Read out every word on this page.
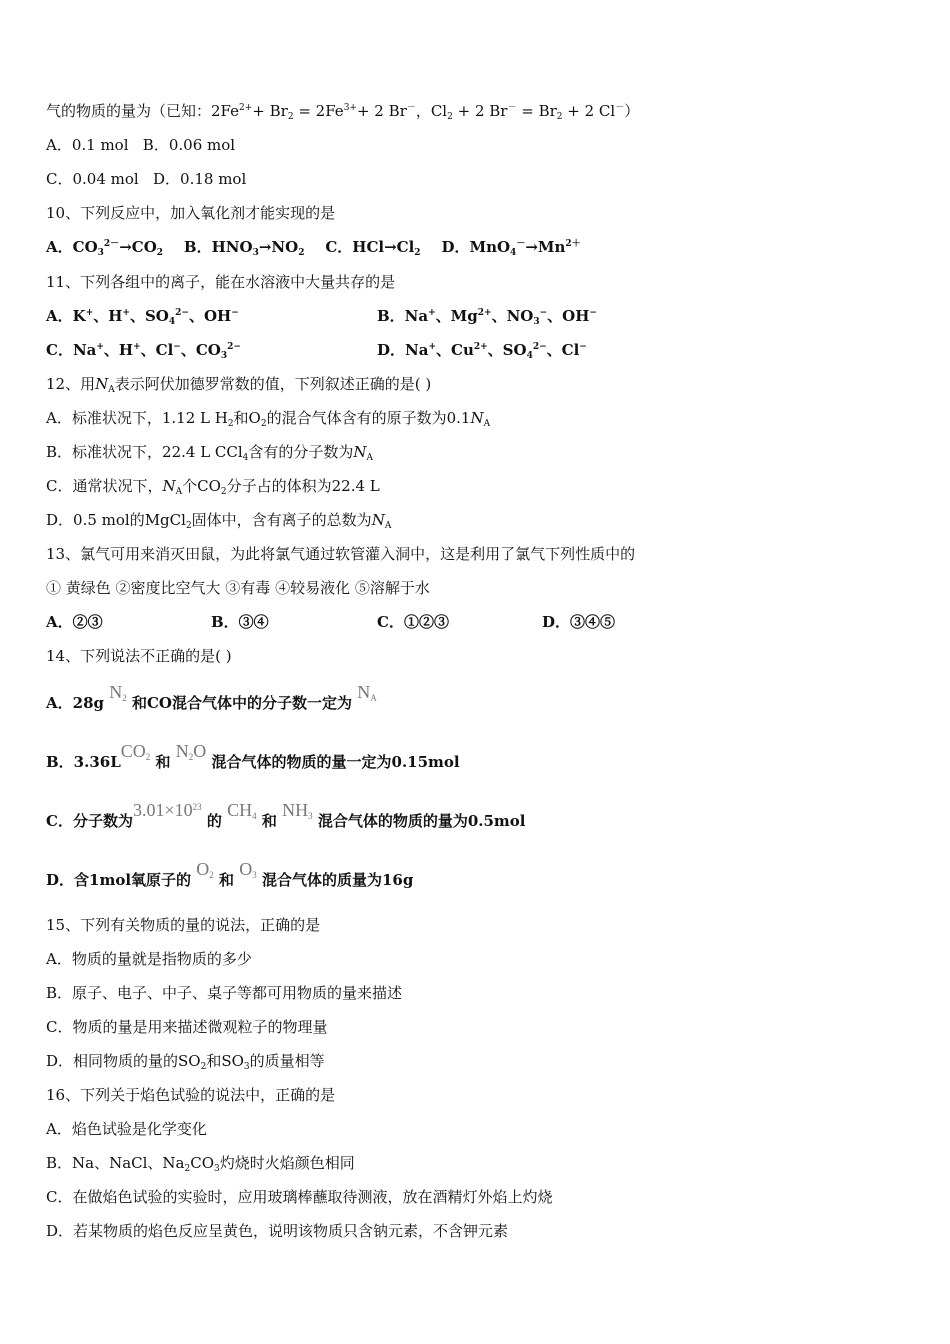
气的物质的量为（已知：$2Fe^{2+}+ Br_2 = 2Fe^{3+}+ 2$ Br－，$Cl_2 + 2$ $Br^- = Br_2 + 2$ Cl－）
A．0.1 mol   B．0.06 mol
C．0.04 mol   D．0.18 mol
10、下列反应中，加入氧化剂才能实现的是
A．$CO_3^{2-}\to CO_2$ B．$HNO_3\to NO_2$ C．$HCl\to Cl_2$ D．$MnO_4^-\to Mn^{2+}$
11、下列各组中的离子，能在水溶液中大量共存的是
A．K+、H+、$SO_4^{2-}$、OH−	B．Na+、$Mg^{2+}$、$NO_3^-$、OH−
C．Na+、H+、Cl−、$CO_3^{2-}$	D．Na+、$Cu^{2+}$、$SO_4^{2-}$、Cl−
12、用$N_A$表示阿伏加德罗常数的值，下列叙述正确的是( )
A．标准状况下，1.12 L $H_2$和$O_2$的混合气体含有的原子数为$0.1N_A$
B．标准状况下，22.4 L CCl$_4$含有的分子数为$N_A$
C．通常状况下，$N_A$个$CO_2$分子占的体积为22.4 L
D．0.5 mol的MgCl$_2$固体中，含有离子的总数为$N_A$
13、氯气可用来消灭田鼠，为此将氯气通过软管灌入洞中，这是利用了氯气下列性质中的
① 黄绿色 ②密度比空气大 ③有毒 ④较易液化 ⑤溶解于水
A．②③	B．③④	C．①②③	D．③④⑤
14、下列说法不正确的是( )
A．28g $N_2$ 和CO混合气体中的分子数一定为 $N_A$
B．$3.36LCO_2$ 和 $N_2O$ 混合气体的物质的量一定为0.15mol
C．分子数为$3.01\times 10^{23}$ 的 $CH_4$ 和 $NH_3$ 混合气体的物质的量为0.5mol
D．含1mol氧原子的 $O_2$ 和 $O_3$ 混合气体的质量为16g
15、下列有关物质的量的说法，正确的是
A．物质的量就是指物质的多少
B．原子、电子、中子、桌子等都可用物质的量来描述
C．物质的量是用来描述微观粒子的物理量
D．相同物质的量的$SO_2$和$SO_3$的质量相等
16、下列关于焰色试验的说法中，正确的是
A．焰色试验是化学变化
B．Na、NaCl、$Na_2CO_3$灼烧时火焰颜色相同
C．在做焰色试验的实验时，应用玻璃棒蘸取待测液，放在酒精灯外焰上灼烧
D．若某物质的焰色反应呈黄色，说明该物质只含钠元素，不含钾元素
